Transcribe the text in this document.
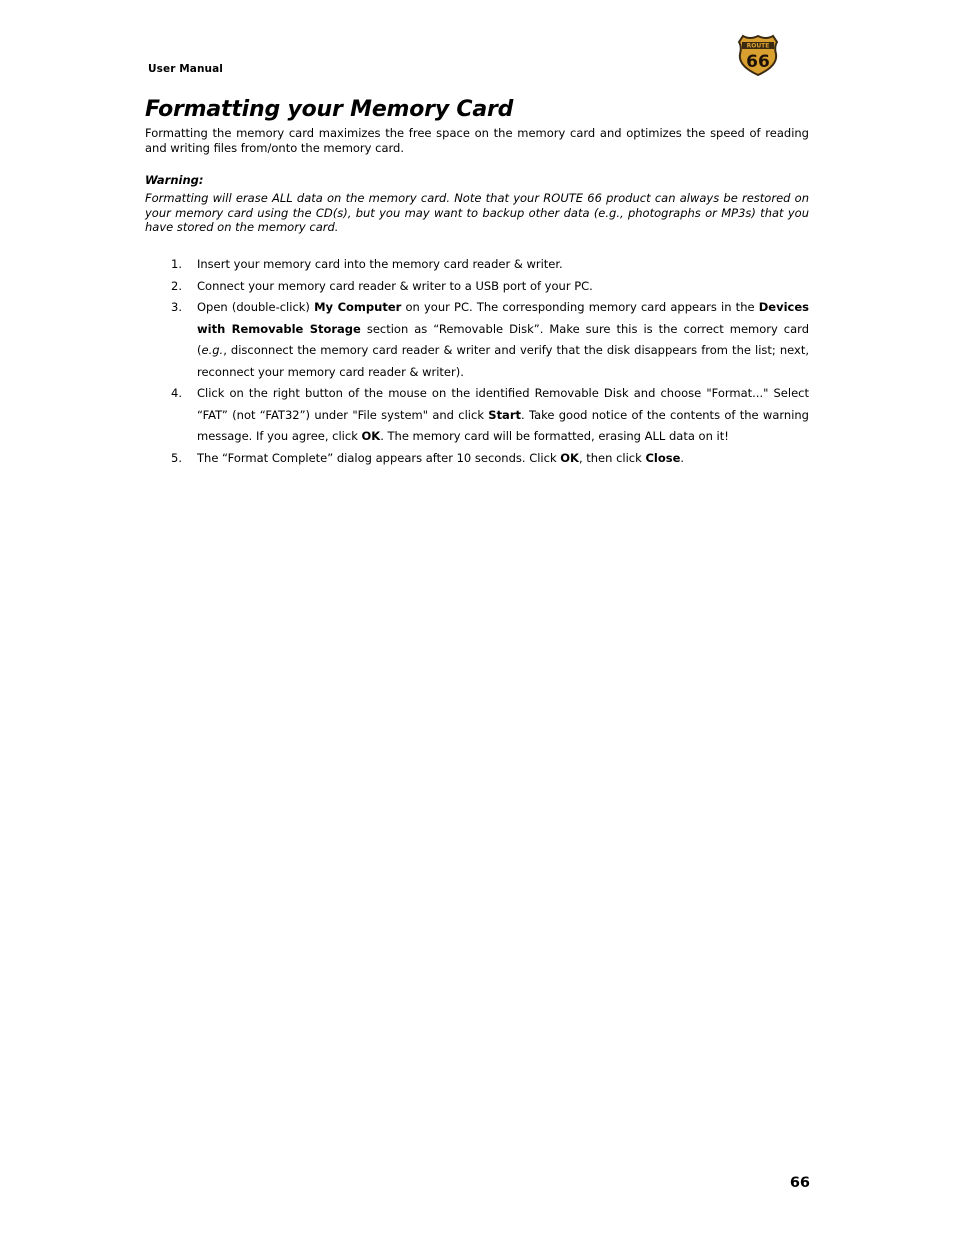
User Manual
ROUTE
66
Formatting your Memory Card

Formatting the memory card maximizes the free space on the memory card and optimizes the speed of reading and writing files from/onto the memory card.

Warning:

Formatting will erase ALL data on the memory card. Note that your ROUTE 66 product can always be restored on your memory card using the CD(s), but you may want to backup other data (e.g., photographs or MP3s) that you have stored on the memory card.

1. Insert your memory card into the memory card reader & writer.
2. Connect your memory card reader & writer to a USB port of your PC.
3. Open (double-click) My Computer on your PC. The corresponding memory card appears in the Devices with Removable Storage section as “Removable Disk”. Make sure this is the correct memory card (e.g., disconnect the memory card reader & writer and verify that the disk disappears from the list; next, reconnect your memory card reader & writer).
4. Click on the right button of the mouse on the identified Removable Disk and choose "Format..." Select “FAT” (not “FAT32”) under "File system" and click Start. Take good notice of the contents of the warning message. If you agree, click OK. The memory card will be formatted, erasing ALL data on it!
5. The “Format Complete” dialog appears after 10 seconds. Click OK, then click Close.
66
